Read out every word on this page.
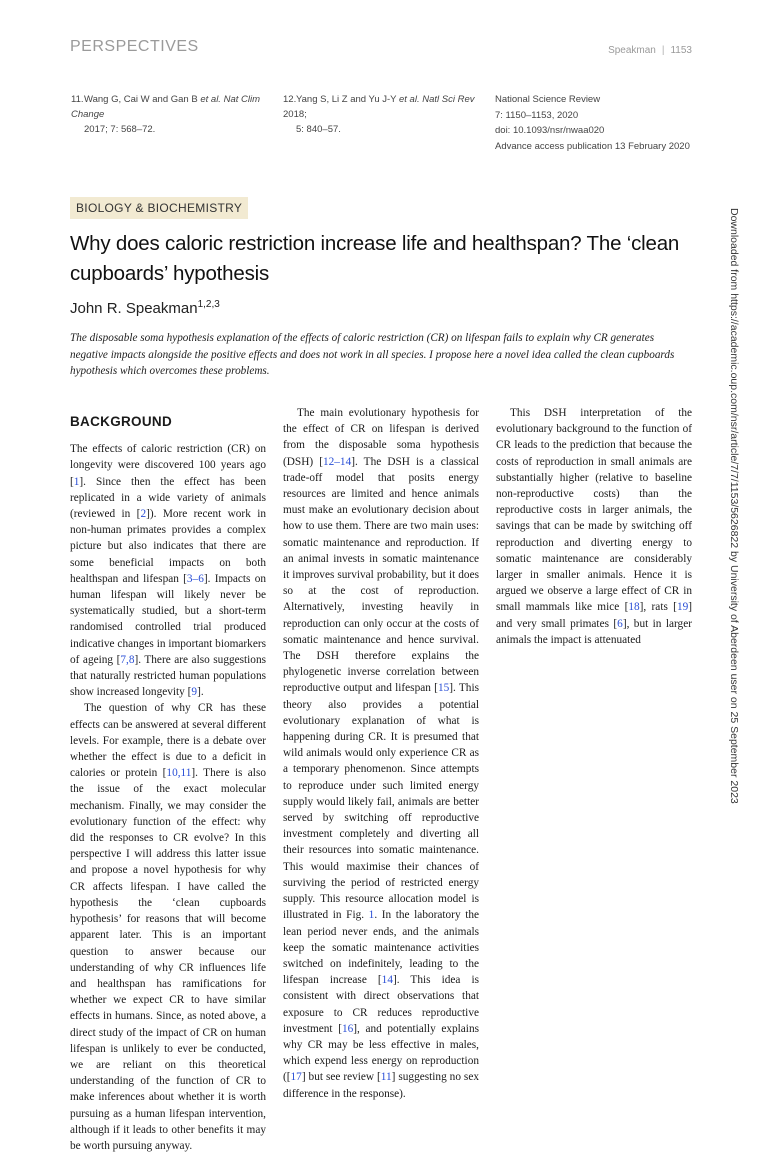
PERSPECTIVES	Speakman | 1153
11.Wang G, Cai W and Gan B et al. Nat Clim Change
2017; 7: 568–72.
12.Yang S, Li Z and Yu J-Y et al. Natl Sci Rev 2018;
5: 840–57.
National Science Review
7: 1150–1153, 2020
doi: 10.1093/nsr/nwaa020
Advance access publication 13 February 2020
BIOLOGY & BIOCHEMISTRY
Why does caloric restriction increase life and healthspan? The ‘clean cupboards’ hypothesis
John R. Speakman$^{1,2,3}$
The disposable soma hypothesis explanation of the effects of caloric restriction (CR) on lifespan fails to explain why CR generates negative impacts alongside the positive effects and does not work in all species. I propose here a novel idea called the clean cupboards hypothesis which overcomes these problems.
BACKGROUND

The effects of caloric restriction (CR) on longevity were discovered 100 years ago [1]. Since then the effect has been replicated in a wide variety of animals (reviewed in [2]). More recent work in non-human primates provides a complex picture but also indicates that there are some beneficial impacts on both healthspan and lifespan [3–6]. Impacts on human lifespan will likely never be systematically studied, but a short-term randomised controlled trial produced indicative changes in important biomarkers of ageing [7,8]. There are also suggestions that naturally restricted human populations show increased longevity [9].

The question of why CR has these effects can be answered at several different levels. For example, there is a debate over whether the effect is due to a deficit in calories or protein [10,11]. There is also the issue of the exact molecular mechanism. Finally, we may consider the evolutionary function of the effect: why did the responses to CR evolve? In this perspective I will address this latter issue and propose a novel hypothesis for why CR affects lifespan. I have called the hypothesis the ‘clean cupboards hypothesis’ for reasons that will become apparent later. This is an important question to answer because our understanding of why CR influences life and healthspan has ramifications for whether we expect CR to have similar effects in humans. Since, as noted above, a direct study of the impact of CR on human lifespan is unlikely to ever be conducted, we are reliant on this theoretical understanding of the function of CR to make inferences about whether it is worth pursuing as a human lifespan intervention, although if it leads to other benefits it may be worth pursuing anyway.

The main evolutionary hypothesis for the effect of CR on lifespan is derived from the disposable soma hypothesis (DSH) [12–14]. The DSH is a classical trade-off model that posits energy resources are limited and hence animals must make an evolutionary decision about how to use them. There are two main uses: somatic maintenance and reproduction. If an animal invests in somatic maintenance it improves survival probability, but it does so at the cost of reproduction. Alternatively, investing heavily in reproduction can only occur at the costs of somatic maintenance and hence survival. The DSH therefore explains the phylogenetic inverse correlation between reproductive output and lifespan [15]. This theory also provides a potential evolutionary explanation of what is happening during CR. It is presumed that wild animals would only experience CR as a temporary phenomenon. Since attempts to reproduce under such limited energy supply would likely fail, animals are better served by switching off reproductive investment completely and diverting all their resources into somatic maintenance. This would maximise their chances of surviving the period of restricted energy supply. This resource allocation model is illustrated in Fig. 1. In the laboratory the lean period never ends, and the animals keep the somatic maintenance activities switched on indefinitely, leading to the lifespan increase [14]. This idea is consistent with direct observations that exposure to CR reduces reproductive investment [16], and potentially explains why CR may be less effective in males, which expend less energy on reproduction ([17] but see review [11] suggesting no sex difference in the response).

This DSH interpretation of the evolutionary background to the function of CR leads to the prediction that because the costs of reproduction in small animals are substantially higher (relative to baseline non-reproductive costs) than the reproductive costs in larger animals, the savings that can be made by switching off reproduction and diverting energy to somatic maintenance are considerably larger in smaller animals. Hence it is argued we observe a large effect of CR in small mammals like mice [18], rats [19] and very small primates [6], but in larger animals the impact is attenuated	Downloaded from https://academic.oup.com/nsr/article/7/7/1153/5626822 by University of Aberdeen user on 25 September 2023
